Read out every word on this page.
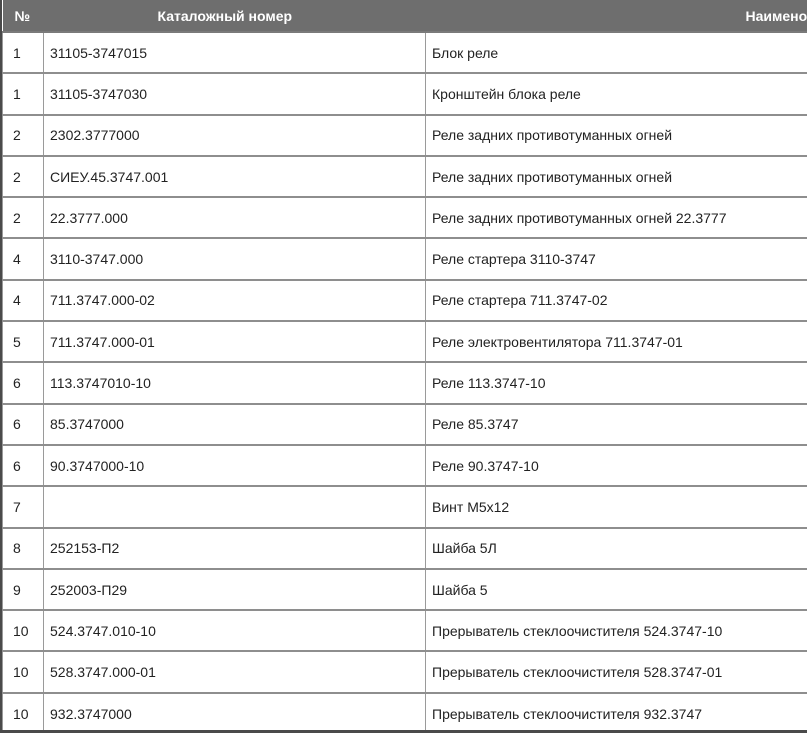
№	Каталожный номер	Наимено
1	31105-3747015	Блок реле
1	31105-3747030	Кронштейн блока реле
2	2302.3777000	Реле задних противотуманных огней
2	СИЕУ.45.3747.001	Реле задних противотуманных огней
2	22.3777.000	Реле задних противотуманных огней 22.3777
4	3110-3747.000	Реле стартера 3110-3747
4	711.3747.000-02	Реле стартера 711.3747-02
5	711.3747.000-01	Реле электровентилятора 711.3747-01
6	113.3747010-10	Реле 113.3747-10
6	85.3747000	Реле 85.3747
6	90.3747000-10	Реле 90.3747-10
7		Винт М5х12
8	252153-П2	Шайба 5Л
9	252003-П29	Шайба 5
10	524.3747.010-10	Прерыватель стеклоочистителя 524.3747-10
10	528.3747.000-01	Прерыватель стеклоочистителя 528.3747-01
10	932.3747000	Прерыватель стеклоочистителя 932.3747
